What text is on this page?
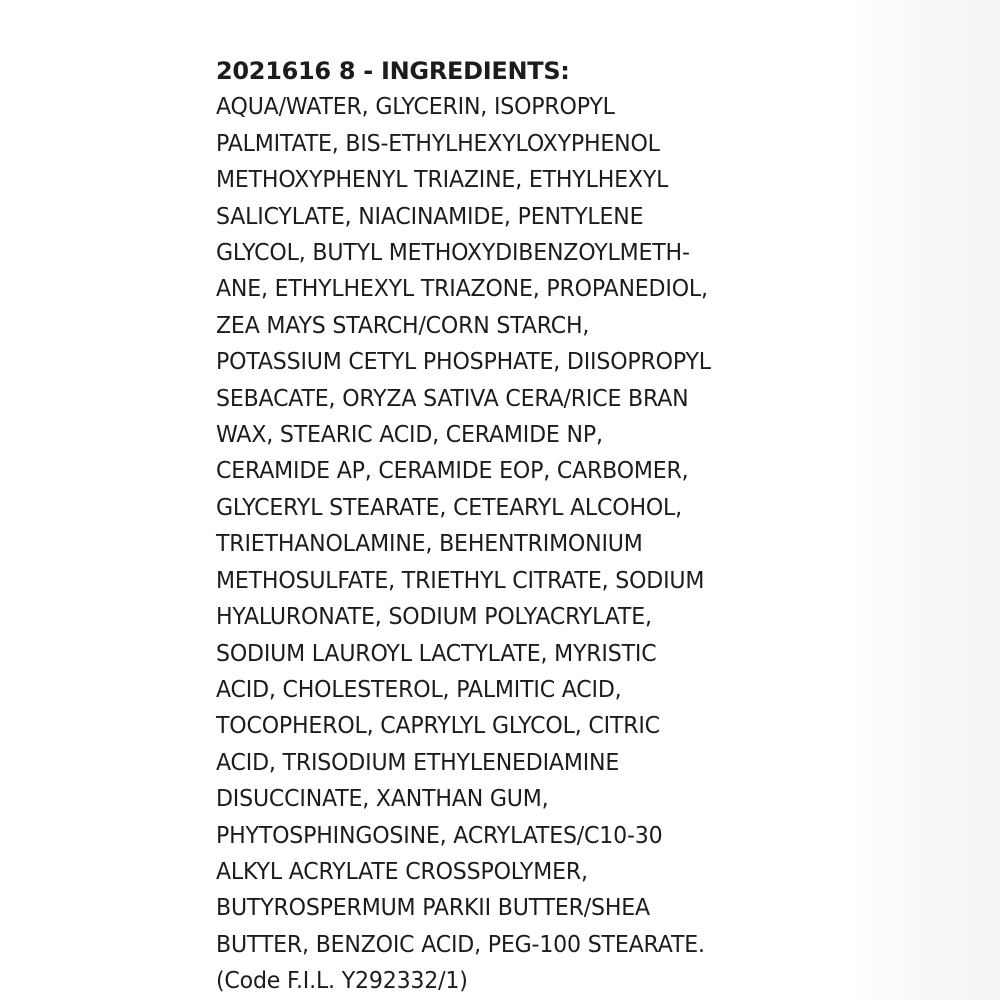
2021616 8 - INGREDIENTS:

AQUA/WATER, GLYCERIN, ISOPROPYL

PALMITATE, BIS-ETHYLHEXYLOXYPHENOL

METHOXYPHENYL TRIAZINE, ETHYLHEXYL

SALICYLATE, NIACINAMIDE, PENTYLENE

GLYCOL, BUTYL METHOXYDIBENZOYLMETH-

ANE, ETHYLHEXYL TRIAZONE, PROPANEDIOL,

ZEA MAYS STARCH/CORN STARCH,

POTASSIUM CETYL PHOSPHATE, DIISOPROPYL

SEBACATE, ORYZA SATIVA CERA/RICE BRAN

WAX, STEARIC ACID, CERAMIDE NP,

CERAMIDE AP, CERAMIDE EOP, CARBOMER,

GLYCERYL STEARATE, CETEARYL ALCOHOL,

TRIETHANOLAMINE, BEHENTRIMONIUM

METHOSULFATE, TRIETHYL CITRATE, SODIUM

HYALURONATE, SODIUM POLYACRYLATE,

SODIUM LAUROYL LACTYLATE, MYRISTIC

ACID, CHOLESTEROL, PALMITIC ACID,

TOCOPHEROL, CAPRYLYL GLYCOL, CITRIC

ACID, TRISODIUM ETHYLENEDIAMINE

DISUCCINATE, XANTHAN GUM,

PHYTOSPHINGOSINE, ACRYLATES/C10-30

ALKYL ACRYLATE CROSSPOLYMER,

BUTYROSPERMUM PARKII BUTTER/SHEA

BUTTER, BENZOIC ACID, PEG-100 STEARATE.

(Code F.I.L. Y292332/1)
